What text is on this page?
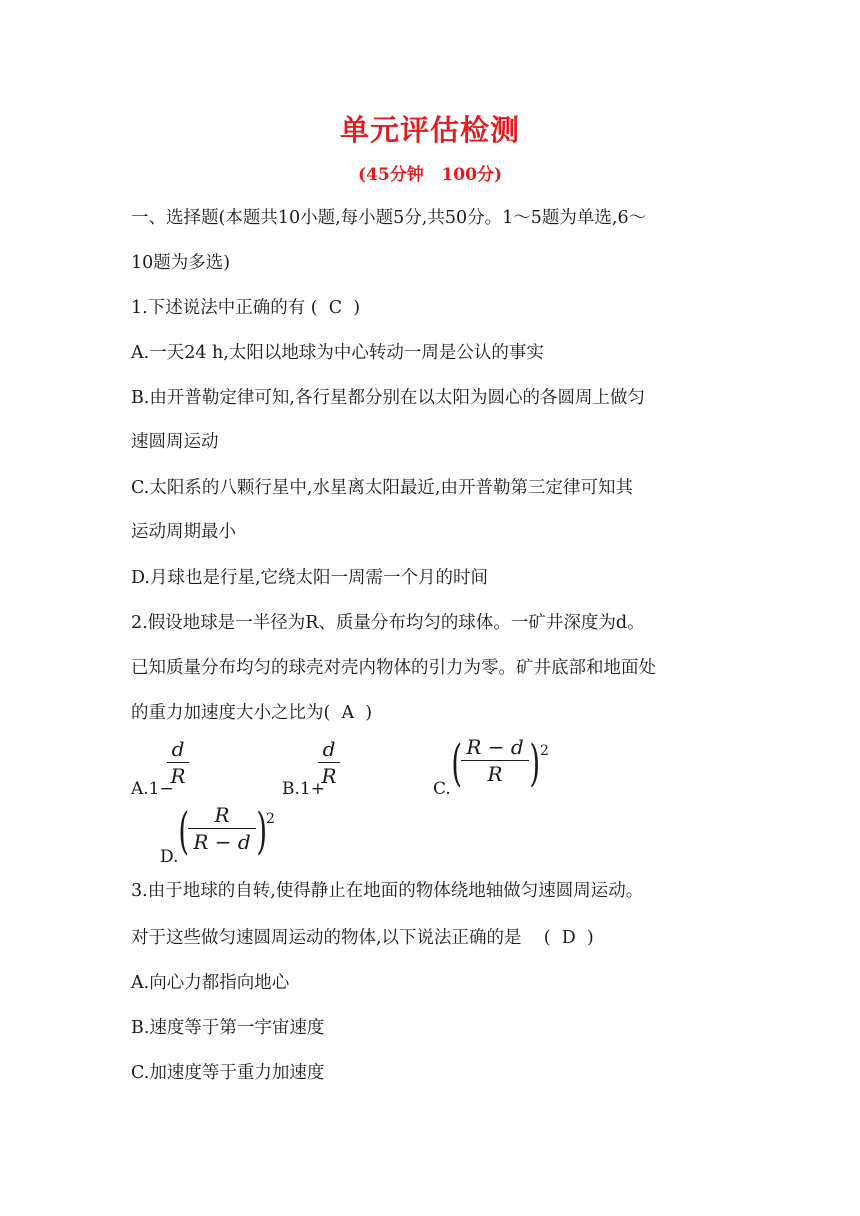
单元评估检测
(45分钟   100分)
一、选择题(本题共10小题,每小题5分,共50分。1～5题为单选,6～
10题为多选)
1.下述说法中正确的有 (  C  )
A.一天24 h,太阳以地球为中心转动一周是公认的事实
B.由开普勒定律可知,各行星都分别在以太阳为圆心的各圆周上做匀
速圆周运动
C.太阳系的八颗行星中,水星离太阳最近,由开普勒第三定律可知其
运动周期最小
D.月球也是行星,它绕太阳一周需一个月的时间
2.假设地球是一半径为R、质量分布均匀的球体。一矿井深度为d。
已知质量分布均匀的球壳对壳内物体的引力为零。矿井底部和地面处
的重力加速度大小之比为(  A  )
A.1−
d
R
B.1+
d
R
C. ( R − d
R ) 2
D. (	R
R − d )
2
3.由于地球的自转,使得静止在地面的物体绕地轴做匀速圆周运动。
对于这些做匀速圆周运动的物体,以下说法正确的是    (  D  )
A.向心力都指向地心
B.速度等于第一宇宙速度
C.加速度等于重力加速度
